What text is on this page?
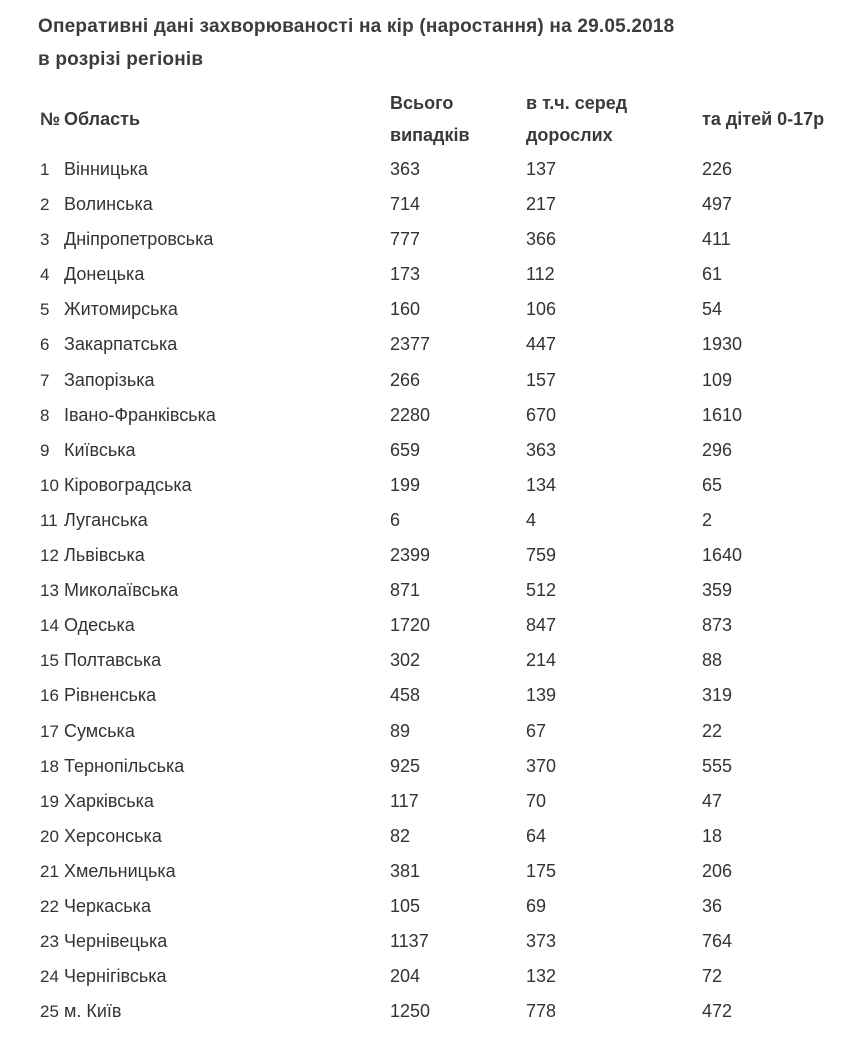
Оперативні дані захворюваності на кір (наростання) на 29.05.2018
в розрізі регіонів
№	Область	Всього випадків	в т.ч. серед дорослих	та дітей 0-17р
1	Вінницька	363	137	226
2	Волинська	714	217	497
3	Дніпропетровська	777	366	411
4	Донецька	173	112	61
5	Житомирська	160	106	54
6	Закарпатська	2377	447	1930
7	Запорізька	266	157	109
8	Івано-Франківська	2280	670	1610
9	Київська	659	363	296
10	Кіровоградська	199	134	65
11	Луганська	6	4	2
12	Львівська	2399	759	1640
13	Миколаївська	871	512	359
14	Одеська	1720	847	873
15	Полтавська	302	214	88
16	Рівненська	458	139	319
17	Сумська	89	67	22
18	Тернопільська	925	370	555
19	Харківська	117	70	47
20	Херсонська	82	64	18
21	Хмельницька	381	175	206
22	Черкаська	105	69	36
23	Чернівецька	1137	373	764
24	Чернігівська	204	132	72
25	м. Київ	1250	778	472
